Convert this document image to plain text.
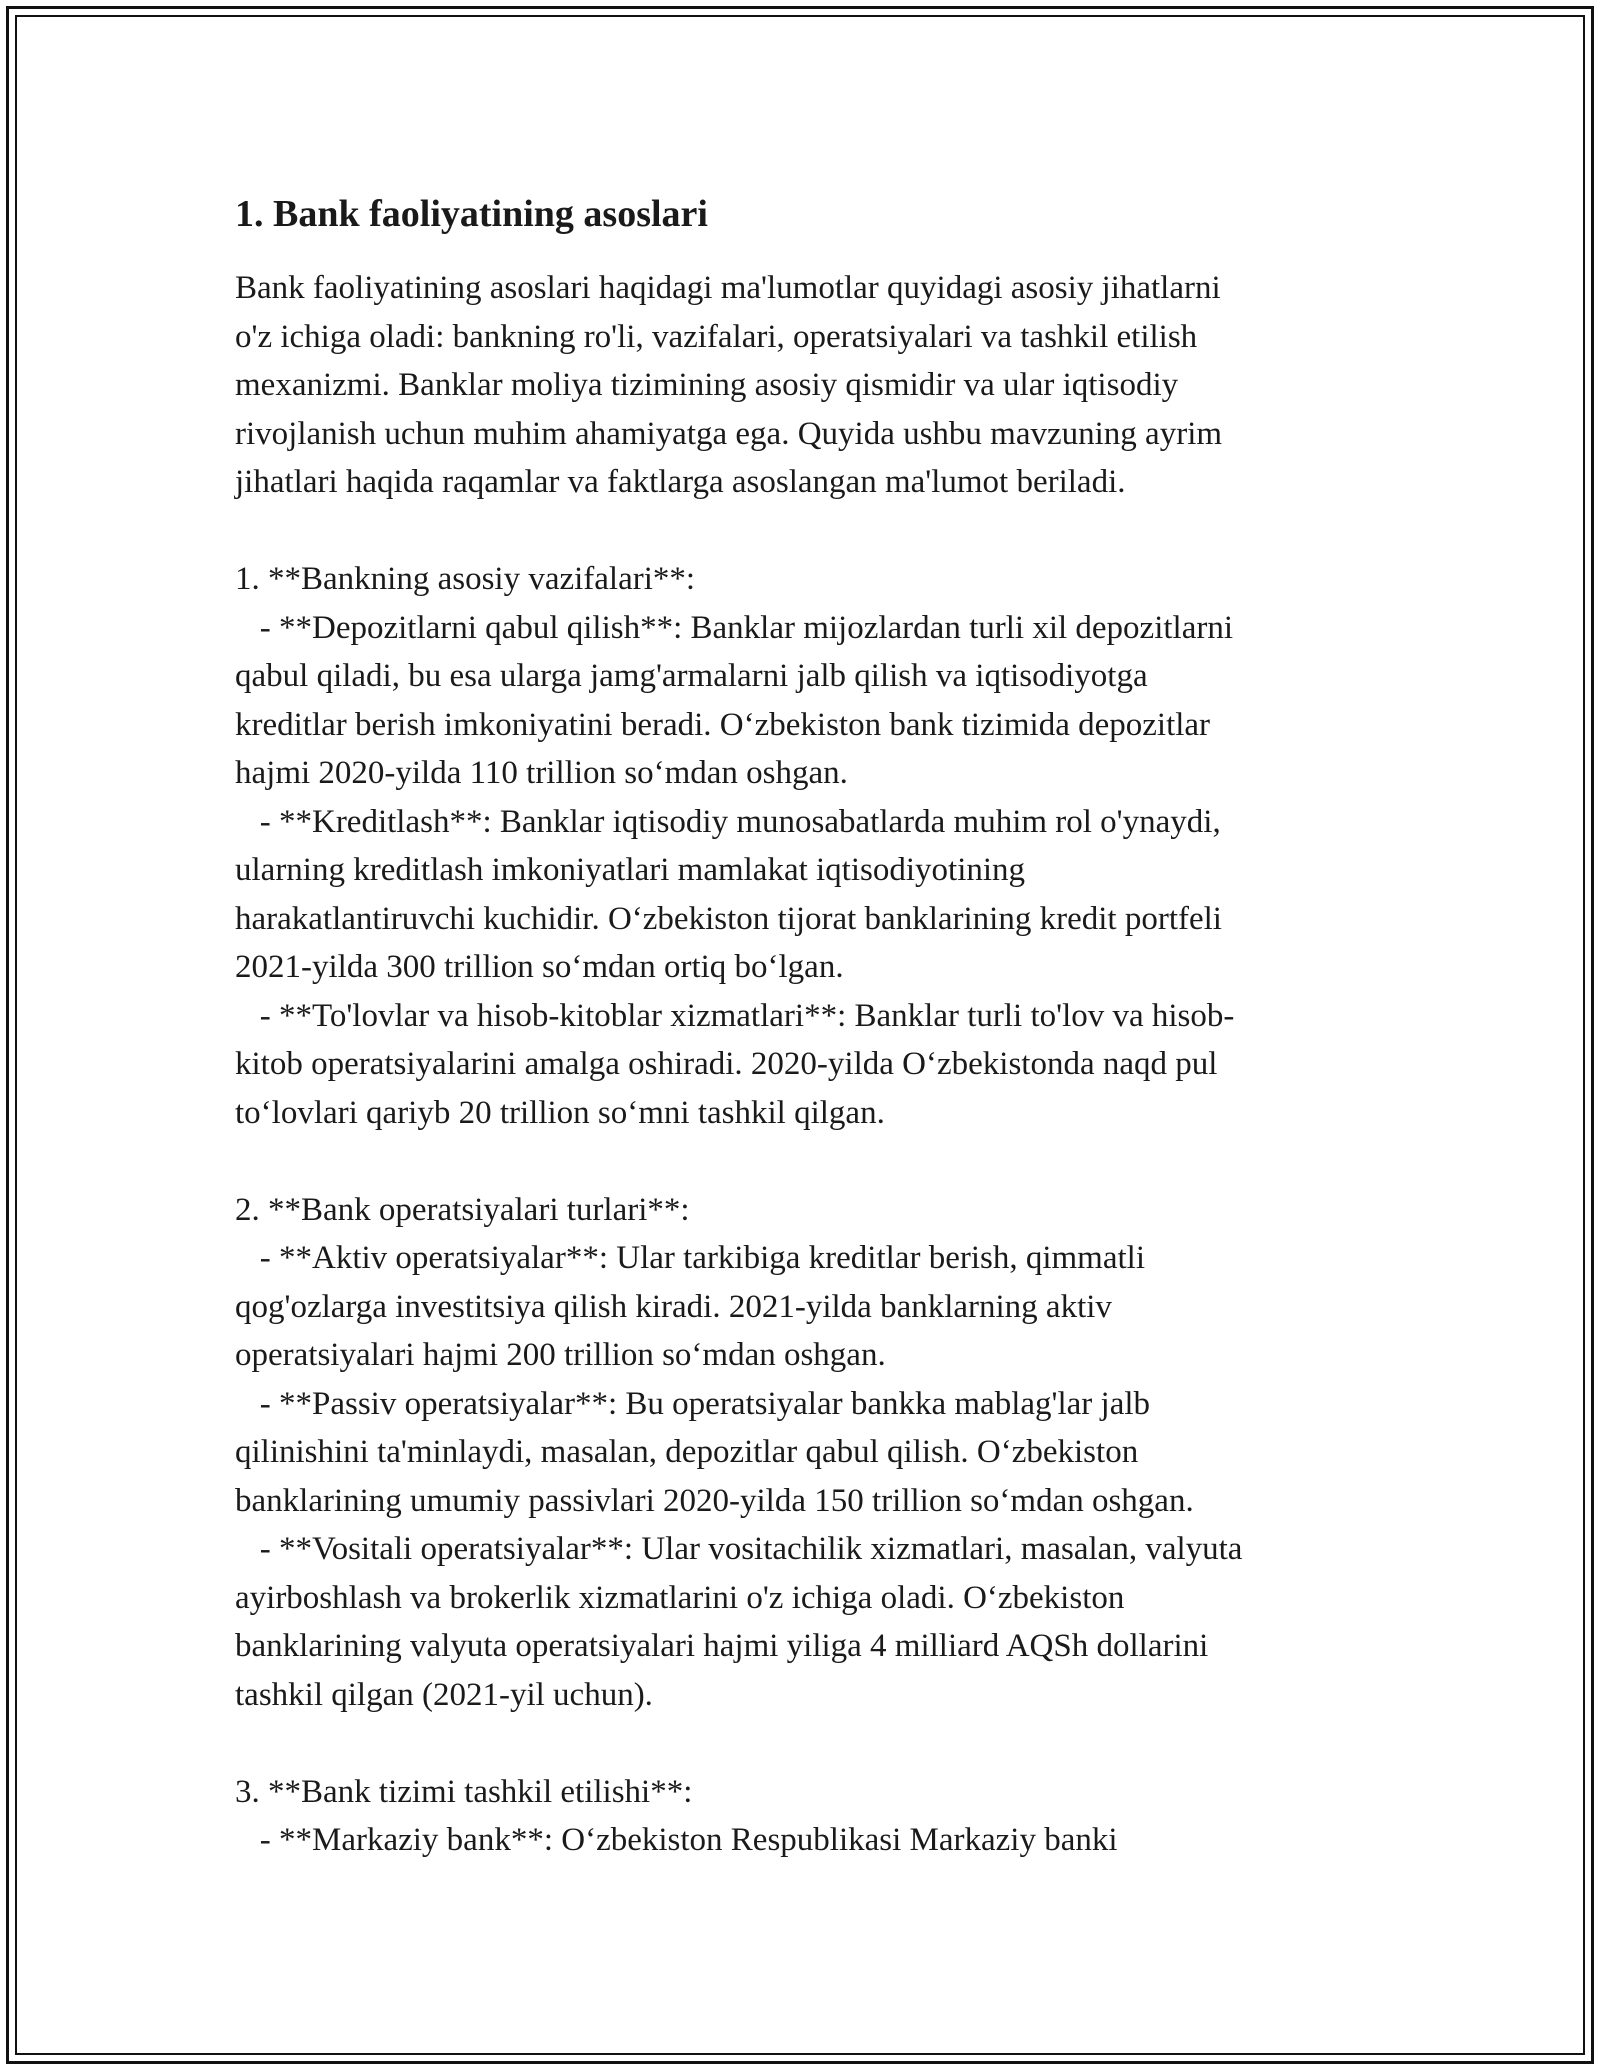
1. Bank faoliyatining asoslari
Bank faoliyatining asoslari haqidagi ma'lumotlar quyidagi asosiy jihatlarni
o'z ichiga oladi: bankning ro'li, vazifalari, operatsiyalari va tashkil etilish
mexanizmi. Banklar moliya tizimining asosiy qismidir va ular iqtisodiy
rivojlanish uchun muhim ahamiyatga ega. Quyida ushbu mavzuning ayrim
jihatlari haqida raqamlar va faktlarga asoslangan ma'lumot beriladi.
1. **Bankning asosiy vazifalari**:
- **Depozitlarni qabul qilish**: Banklar mijozlardan turli xil depozitlarni
qabul qiladi, bu esa ularga jamg'armalarni jalb qilish va iqtisodiyotga
kreditlar berish imkoniyatini beradi. O‘zbekiston bank tizimida depozitlar
hajmi 2020-yilda 110 trillion so‘mdan oshgan.
- **Kreditlash**: Banklar iqtisodiy munosabatlarda muhim rol o'ynaydi,
ularning kreditlash imkoniyatlari mamlakat iqtisodiyotining
harakatlantiruvchi kuchidir. O‘zbekiston tijorat banklarining kredit portfeli
2021-yilda 300 trillion so‘mdan ortiq bo‘lgan.
- **To'lovlar va hisob-kitoblar xizmatlari**: Banklar turli to'lov va hisob-
kitob operatsiyalarini amalga oshiradi. 2020-yilda O‘zbekistonda naqd pul
to‘lovlari qariyb 20 trillion so‘mni tashkil qilgan.
2. **Bank operatsiyalari turlari**:
- **Aktiv operatsiyalar**: Ular tarkibiga kreditlar berish, qimmatli
qog'ozlarga investitsiya qilish kiradi. 2021-yilda banklarning aktiv
operatsiyalari hajmi 200 trillion so‘mdan oshgan.
- **Passiv operatsiyalar**: Bu operatsiyalar bankka mablag'lar jalb
qilinishini ta'minlaydi, masalan, depozitlar qabul qilish. O‘zbekiston
banklarining umumiy passivlari 2020-yilda 150 trillion so‘mdan oshgan.
- **Vositali operatsiyalar**: Ular vositachilik xizmatlari, masalan, valyuta
ayirboshlash va brokerlik xizmatlarini o'z ichiga oladi. O‘zbekiston
banklarining valyuta operatsiyalari hajmi yiliga 4 milliard AQSh dollarini
tashkil qilgan (2021-yil uchun).
3. **Bank tizimi tashkil etilishi**:
- **Markaziy bank**: O‘zbekiston Respublikasi Markaziy banki
